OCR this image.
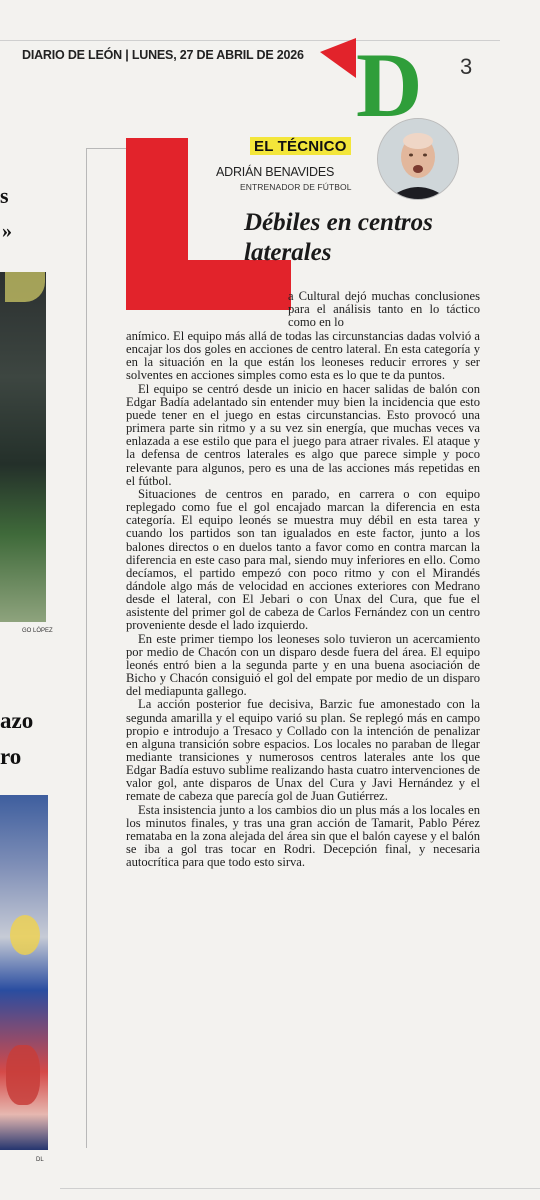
DIARIO DE LEÓN | LUNES, 27 DE ABRIL DE 2026 D 3
s
»
GO LÓPEZ
azo
ro
DL
L	EL TÉCNICO
ADRIÁN BENAVIDES
ENTRENADOR DE FÚTBOL
Débiles en centros laterales
a Cultural dejó muchas conclusiones para el análisis tanto en lo táctico como en lo

anímico. El equipo más allá de todas las circunstancias dadas volvió a encajar los dos goles en acciones de centro lateral. En esta categoría y en la situación en la que están los leoneses reducir errores y ser solventes en acciones simples como esta es lo que te da puntos.

El equipo se centró desde un inicio en hacer salidas de balón con Edgar Badía adelantado sin entender muy bien la incidencia que esto puede tener en el juego en estas circunstancias. Esto provocó una primera parte sin ritmo y a su vez sin energía, que muchas veces va enlazada a ese estilo que para el juego para atraer rivales. El ataque y la defensa de centros laterales es algo que parece simple y poco relevante para algunos, pero es una de las acciones más repetidas en el fútbol.

Situaciones de centros en parado, en carrera o con equipo replegado como fue el gol encajado marcan la diferencia en esta categoría. El equipo leonés se muestra muy débil en esta tarea y cuando los partidos son tan igualados en este factor, junto a los balones directos o en duelos tanto a favor como en contra marcan la diferencia en este caso para mal, siendo muy inferiores en ello. Como decíamos, el partido empezó con poco ritmo y con el Mirandés dándole algo más de velocidad en acciones exteriores con Medrano desde el lateral, con El Jebari o con Unax del Cura, que fue el asistente del primer gol de cabeza de Carlos Fernández con un centro proveniente desde el lado izquierdo.

En este primer tiempo los leoneses solo tuvieron un acercamiento por medio de Chacón con un disparo desde fuera del área. El equipo leonés entró bien a la segunda parte y en una buena asociación de Bicho y Chacón consiguió el gol del empate por medio de un disparo del mediapunta gallego.

La acción posterior fue decisiva, Barzic fue amonestado con la segunda amarilla y el equipo varió su plan. Se replegó más en campo propio e introdujo a Tresaco y Collado con la intención de penalizar en alguna transición sobre espacios. Los locales no paraban de llegar mediante transiciones y numerosos centros laterales ante los que Edgar Badía estuvo sublime realizando hasta cuatro intervenciones de valor gol, ante disparos de Unax del Cura y Javi Hernández y el remate de cabeza que parecía gol de Juan Gutiérrez.

Esta insistencia junto a los cambios dio un plus más a los locales en los minutos finales, y tras una gran acción de Tamarit, Pablo Pérez remataba en la zona alejada del área sin que el balón cayese y el balón se iba a gol tras tocar en Rodri. Decepción final, y necesaria autocrítica para que todo esto sirva.
